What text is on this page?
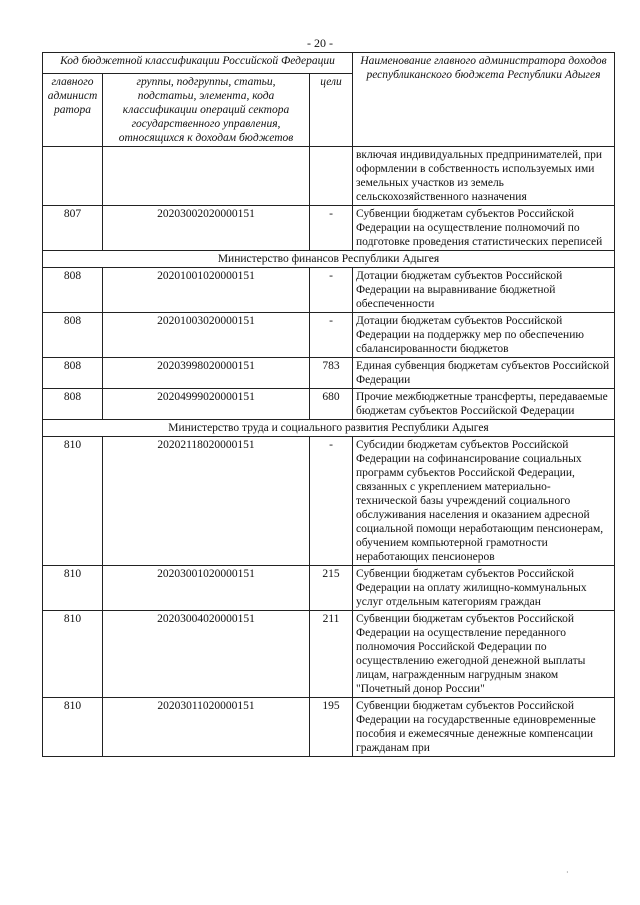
- 20 -
Код бюджетной классификации Российской Федерации			Наименование главного администратора доходов республиканского бюджета Республики Адыгея
главного админист ратора	группы, подгруппы, статьи, подстатьи, элемента, кода классификации операций сектора государственного управления, относящихся к доходам бюджетов	цели	
			включая индивидуальных предпринимателей, при оформлении в собственность используемых ими земельных участков из земель сельскохозяйственного назначения
807	20203002020000151	-	Субвенции бюджетам субъектов Российской Федерации на осуществление полномочий по подготовке проведения статистических переписей
Министерство финансов Республики Адыгея			
808	20201001020000151	-	Дотации бюджетам субъектов Российской Федерации на выравнивание бюджетной обеспеченности
808	20201003020000151	-	Дотации бюджетам субъектов Российской Федерации на поддержку мер по обеспечению сбалансированности бюджетов
808	20203998020000151	783	Единая субвенция бюджетам субъектов Российской Федерации
808	20204999020000151	680	Прочие межбюджетные трансферты, передаваемые бюджетам субъектов Российской Федерации
Министерство труда и социального развития Республики Адыгея			
810	20202118020000151	-	Субсидии бюджетам субъектов Российской Федерации на софинансирование социальных программ субъектов Российской Федерации, связанных с укреплением материально-технической базы учреждений социального обслуживания населения и оказанием адресной социальной помощи неработающим пенсионерам, обучением компьютерной грамотности неработающих пенсионеров
810	20203001020000151	215	Субвенции бюджетам субъектов Российской Федерации на оплату жилищно-коммунальных услуг отдельным категориям граждан
810	20203004020000151	211	Субвенции бюджетам субъектов Российской Федерации на осуществление переданного полномочия Российской Федерации по осуществлению ежегодной денежной выплаты лицам, награжденным нагрудным знаком "Почетный донор России"
810	20203011020000151	195	Субвенции бюджетам субъектов Российской Федерации на государственные единовременные пособия и ежемесячные денежные компенсации гражданам при
·
